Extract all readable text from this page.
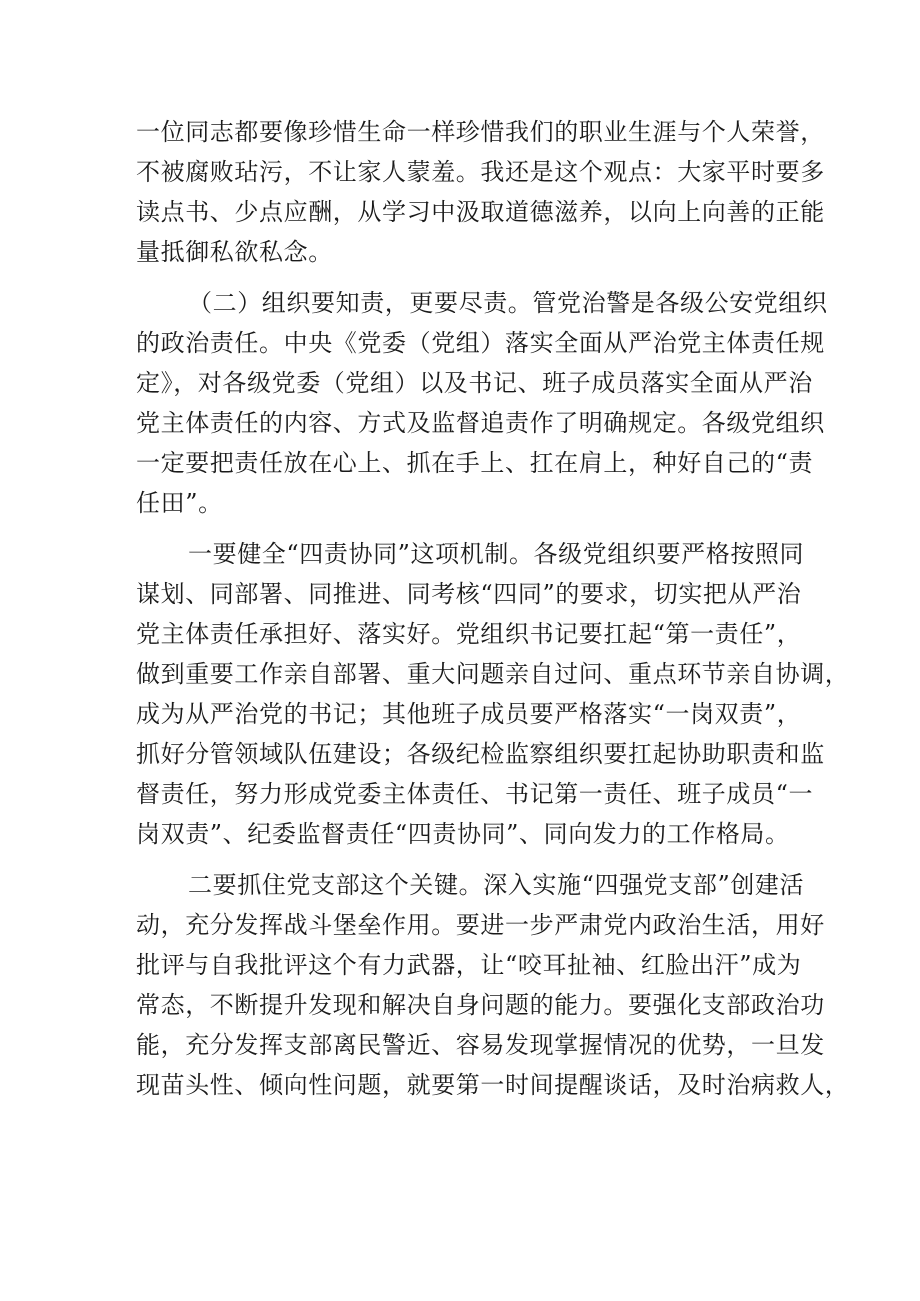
一位同志都要像珍惜生命一样珍惜我们的职业生涯与个人荣誉，
不被腐败玷污，不让家人蒙羞。我还是这个观点：大家平时要多
读点书、少点应酬，从学习中汲取道德滋养，以向上向善的正能
量抵御私欲私念。
（二）组织要知责，更要尽责。管党治警是各级公安党组织
的政治责任。中央《党委（党组）落实全面从严治党主体责任规
定》，对各级党委（党组）以及书记、班子成员落实全面从严治
党主体责任的内容、方式及监督追责作了明确规定。各级党组织
一定要把责任放在心上、抓在手上、扛在肩上，种好自己的“责
任田”。
一要健全“四责协同”这项机制。各级党组织要严格按照同
谋划、同部署、同推进、同考核“四同”的要求，切实把从严治
党主体责任承担好、落实好。党组织书记要扛起“第一责任”，
做到重要工作亲自部署、重大问题亲自过问、重点环节亲自协调，
成为从严治党的书记；其他班子成员要严格落实“一岗双责”，
抓好分管领域队伍建设；各级纪检监察组织要扛起协助职责和监
督责任，努力形成党委主体责任、书记第一责任、班子成员“一
岗双责”、纪委监督责任“四责协同”、同向发力的工作格局。
二要抓住党支部这个关键。深入实施“四强党支部”创建活
动，充分发挥战斗堡垒作用。要进一步严肃党内政治生活，用好
批评与自我批评这个有力武器，让“咬耳扯袖、红脸出汗”成为
常态，不断提升发现和解决自身问题的能力。要强化支部政治功
能，充分发挥支部离民警近、容易发现掌握情况的优势，一旦发
现苗头性、倾向性问题，就要第一时间提醒谈话，及时治病救人，
